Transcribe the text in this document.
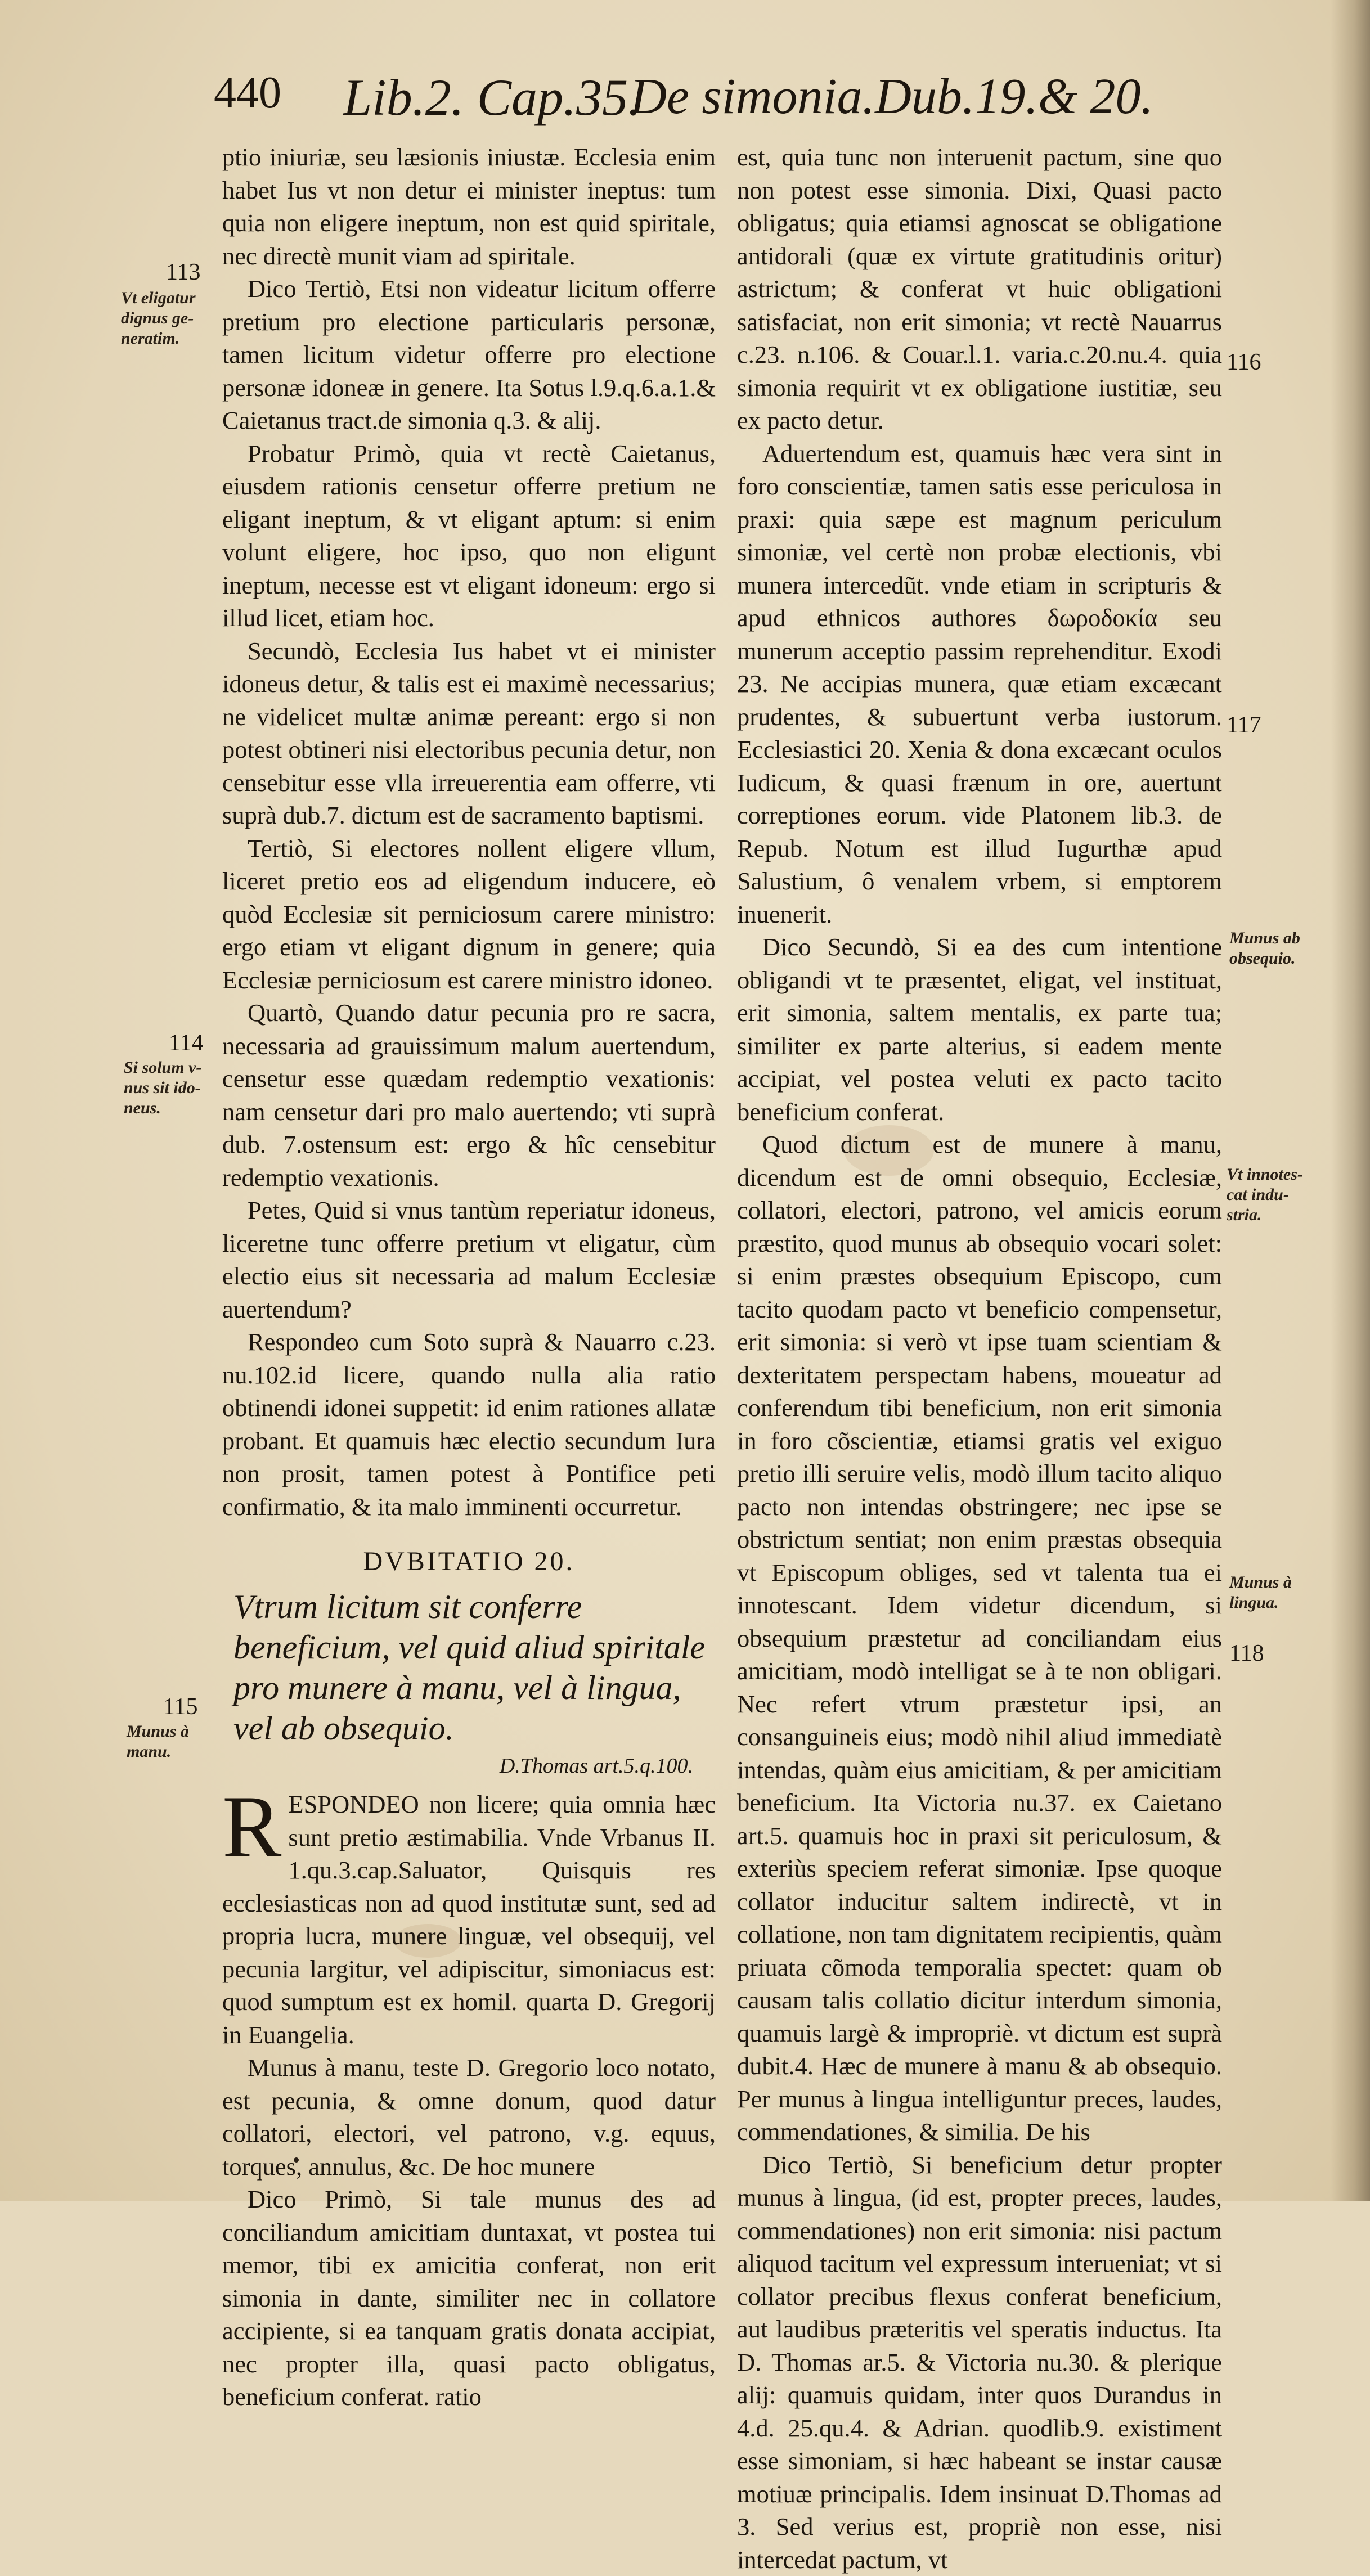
440 Lib.2. Cap.35.
De simonia. Dub.19.& 20.
113
Vt eligatur
dignus ge-
neratim.
114
Si solum v-
nus sit ido-
neus.
115
Munus à
manu.
116
117
Munus ab
obsequio.
Vt innotes-
cat indu-
stria.
Munus à
lingua.
118

ptio iniuriæ, seu læsionis iniustæ. Ecclesia enim habet Ius vt non detur ei minister ineptus: tum quia non eligere ineptum, non est quid spiritale, nec directè munit viam ad spiritale.

Dico Tertiò, Etsi non videatur licitum offerre pretium pro electione particularis personæ, tamen licitum videtur offerre pro electione personæ idoneæ in genere. Ita Sotus l.9.q.6.a.1.& Caietanus tract.de simonia q.3. & alij.

Probatur Primò, quia vt rectè Caietanus, eiusdem rationis censetur offerre pretium ne eligant ineptum, & vt eligant aptum: si enim volunt eligere, hoc ipso, quo non eligunt ineptum, necesse est vt eligant idoneum: ergo si illud licet, etiam hoc.

Secundò, Ecclesia Ius habet vt ei minister idoneus detur, & talis est ei maximè necessarius; ne videlicet multæ animæ pereant: ergo si non potest obtineri nisi electoribus pecunia detur, non censebitur esse vlla irreuerentia eam offerre, vti suprà dub.7. dictum est de sacramento baptismi.

Tertiò, Si electores nollent eligere vllum, liceret pretio eos ad eligendum inducere, eò quòd Ecclesiæ sit perniciosum carere ministro: ergo etiam vt eligant dignum in genere; quia Ecclesiæ perniciosum est carere ministro idoneo.

Quartò, Quando datur pecunia pro re sacra, necessaria ad grauissimum malum auertendum, censetur esse quædam redemptio vexationis: nam censetur dari pro malo auertendo; vti suprà dub. 7.ostensum est: ergo & hîc censebitur redemptio vexationis.

Petes, Quid si vnus tantùm reperiatur idoneus, liceretne tunc offerre pretium vt eligatur, cùm electio eius sit necessaria ad malum Ecclesiæ auertendum?

Respondeo cum Soto suprà & Nauarro c.23. nu.102.id licere, quando nulla alia ratio obtinendi idonei suppetit: id enim rationes allatæ probant. Et quamuis hæc electio secundum Iura non prosit, tamen potest à Pontifice peti confirmatio, & ita malo imminenti occurretur.

DVBITATIO 20.
Vtrum licitum sit conferre beneficium, vel quid aliud spiritale pro munere à manu, vel à lingua, vel ab obsequio.
D.Thomas art.5.q.100.

RESPONDEO non licere; quia omnia hæc sunt pretio æstimabilia. Vnde Vrbanus II. 1.qu.3.cap.Saluator, Quisquis res ecclesiasticas non ad quod institutæ sunt, sed ad propria lucra, munere linguæ, vel obsequij, vel pecunia largitur, vel adipiscitur, simoniacus est: quod sumptum est ex homil. quarta D. Gregorij in Euangelia.

Munus à manu, teste D. Gregorio loco notato, est pecunia, & omne donum, quod datur collatori, electori, vel patrono, v.g. equus, torques, annulus, &c. De hoc munere

Dico Primò, Si tale munus des ad conciliandum amicitiam duntaxat, vt postea tui memor, tibi ex amicitia conferat, non erit simonia in dante, similiter nec in collatore accipiente, si ea tanquam gratis donata accipiat, nec propter illa, quasi pacto obligatus, beneficium conferat. ratio

est, quia tunc non interuenit pactum, sine quo non potest esse simonia. Dixi, Quasi pacto obligatus; quia etiamsi agnoscat se obligatione antidorali (quæ ex virtute gratitudinis oritur) astrictum; & conferat vt huic obligationi satisfaciat, non erit simonia; vt rectè Nauarrus c.23. n.106. & Couar.l.1. varia.c.20.nu.4. quia simonia requirit vt ex obligatione iustitiæ, seu ex pacto detur.

Aduertendum est, quamuis hæc vera sint in foro conscientiæ, tamen satis esse periculosa in praxi: quia sæpe est magnum periculum simoniæ, vel certè non probæ electionis, vbi munera intercedũt. vnde etiam in scripturis & apud ethnicos authores δωροδοκία seu munerum acceptio passim reprehenditur. Exodi 23. Ne accipias munera, quæ etiam excæcant prudentes, & subuertunt verba iustorum. Ecclesiastici 20. Xenia & dona excæcant oculos Iudicum, & quasi frænum in ore, auertunt correptiones eorum. vide Platonem lib.3. de Repub. Notum est illud Iugurthæ apud Salustium, ô venalem vrbem, si emptorem inuenerit.

Dico Secundò, Si ea des cum intentione obligandi vt te præsentet, eligat, vel instituat, erit simonia, saltem mentalis, ex parte tua; similiter ex parte alterius, si eadem mente accipiat, vel postea veluti ex pacto tacito beneficium conferat.

Quod dictum est de munere à manu, dicendum est de omni obsequio, Ecclesiæ, collatori, electori, patrono, vel amicis eorum præstito, quod munus ab obsequio vocari solet: si enim præstes obsequium Episcopo, cum tacito quodam pacto vt beneficio compensetur, erit simonia: si verò vt ipse tuam scientiam & dexteritatem perspectam habens, moueatur ad conferendum tibi beneficium, non erit simonia in foro cõscientiæ, etiamsi gratis vel exiguo pretio illi seruire velis, modò illum tacito aliquo pacto non intendas obstringere; nec ipse se obstrictum sentiat; non enim præstas obsequia vt Episcopum obliges, sed vt talenta tua ei innotescant. Idem videtur dicendum, si obsequium præstetur ad conciliandam eius amicitiam, modò intelligat se à te non obligari. Nec refert vtrum præstetur ipsi, an consanguineis eius; modò nihil aliud immediatè intendas, quàm eius amicitiam, & per amicitiam beneficium. Ita Victoria nu.37. ex Caietano art.5. quamuis hoc in praxi sit periculosum, & exteriùs speciem referat simoniæ. Ipse quoque collator inducitur saltem indirectè, vt in collatione, non tam dignitatem recipientis, quàm priuata cõmoda temporalia spectet: quam ob causam talis collatio dicitur interdum simonia, quamuis largè & impropriè. vt dictum est suprà dubit.4. Hæc de munere à manu & ab obsequio. Per munus à lingua intelliguntur preces, laudes, commendationes, & similia. De his

Dico Tertiò, Si beneficium detur propter munus à lingua, (id est, propter preces, laudes, commendationes) non erit simonia: nisi pactum aliquod tacitum vel expressum interueniat; vt si collator precibus flexus conferat beneficium, aut laudibus præteritis vel speratis inductus. Ita D. Thomas ar.5. & Victoria nu.30. & plerique alij: quamuis quidam, inter quos Durandus in 4.d. 25.qu.4. & Adrian. quodlib.9. existiment esse simoniam, si hæc habeant se instar causæ motiuæ principalis. Idem insinuat D.Thomas ad 3. Sed verius est, propriè non esse, nisi intercedat pactum, vt
